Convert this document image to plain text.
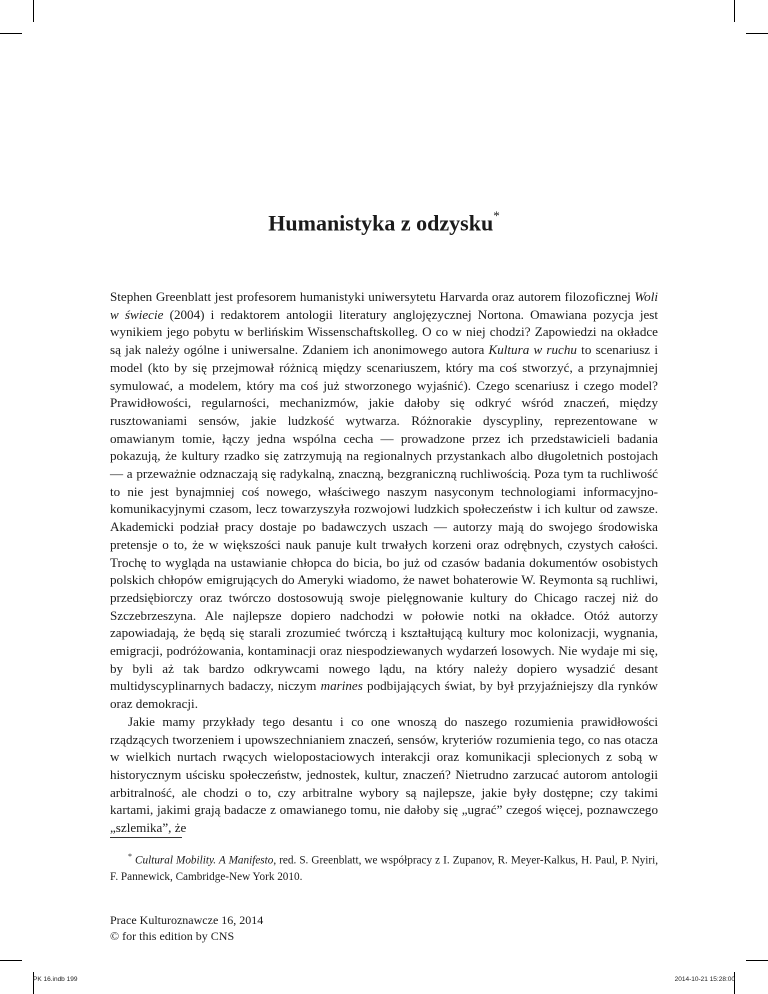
Humanistyka z odzysku*

Stephen Greenblatt jest profesorem humanistyki uniwersytetu Harvarda oraz autorem filozoficznej Woli w świecie (2004) i redaktorem antologii literatury anglojęzycznej Nortona. Omawiana pozycja jest wynikiem jego pobytu w berlińskim Wissenschaftskolleg. O co w niej chodzi? Zapowiedzi na okładce są jak należy ogólne i uniwersalne. Zdaniem ich anonimowego autora Kultura w ruchu to scenariusz i model (kto by się przejmował różnicą między scenariuszem, który ma coś stworzyć, a przynajmniej symulować, a modelem, który ma coś już stworzonego wyjaśnić). Czego scenariusz i czego model? Prawidłowości, regularności, mechanizmów, jakie dałoby się odkryć wśród znaczeń, między rusztowaniami sensów, jakie ludzkość wytwarza. Różnorakie dyscypliny, reprezentowane w omawianym tomie, łączy jedna wspólna cecha — prowadzone przez ich przedstawicieli badania pokazują, że kultury rzadko się zatrzymują na regionalnych przystankach albo długoletnich postojach — a przeważnie odznaczają się radykalną, znaczną, bezgraniczną ruchliwością. Poza tym ta ruchliwość to nie jest bynajmniej coś nowego, właściwego naszym nasyconym technologiami informacyjno-komunikacyjnymi czasom, lecz towarzyszyła rozwojowi ludzkich społeczeństw i ich kultur od zawsze. Akademicki podział pracy dostaje po badawczych uszach — autorzy mają do swojego środowiska pretensje o to, że w większości nauk panuje kult trwałych korzeni oraz odrębnych, czystych całości. Trochę to wygląda na ustawianie chłopca do bicia, bo już od czasów badania dokumentów osobistych polskich chłopów emigrujących do Ameryki wiadomo, że nawet bohaterowie W. Reymonta są ruchliwi, przedsiębiorczy oraz twórczo dostosowują swoje pielęgnowanie kultury do Chicago raczej niż do Szczebrzeszyna. Ale najlepsze dopiero nadchodzi w połowie notki na okładce. Otóż autorzy zapowiadają, że będą się starali zrozumieć twórczą i kształtującą kultury moc kolonizacji, wygnania, emigracji, podróżowania, kontaminacji oraz niespodziewanych wydarzeń losowych. Nie wydaje mi się, by byli aż tak bardzo odkrywcami nowego lądu, na który należy dopiero wysadzić desant multidyscyplinarnych badaczy, niczym marines podbijających świat, by był przyjaźniejszy dla rynków oraz demokracji.

Jakie mamy przykłady tego desantu i co one wnoszą do naszego rozumienia prawidłowości rządzących tworzeniem i upowszechnianiem znaczeń, sensów, kryteriów rozumienia tego, co nas otacza w wielkich nurtach rwących wielopostaciowych interakcji oraz komunikacji splecionych z sobą w historycznym uścisku społeczeństw, jednostek, kultur, znaczeń? Nietrudno zarzucać autorom antologii arbitralność, ale chodzi o to, czy arbitralne wybory są najlepsze, jakie były dostępne; czy takimi kartami, jakimi grają badacze z omawianego tomu, nie dałoby się „ugrać” czegoś więcej, poznawczego „szlemika”, że

* Cultural Mobility. A Manifesto, red. S. Greenblatt, we współpracy z I. Zupanov, R. Meyer-Kalkus, H. Paul, P. Nyiri, F. Pannewick, Cambridge-New York 2010.
Prace Kulturoznawcze 16, 2014
© for this edition by CNS
PK 16.indb 199	2014-10-21 15:28:00
